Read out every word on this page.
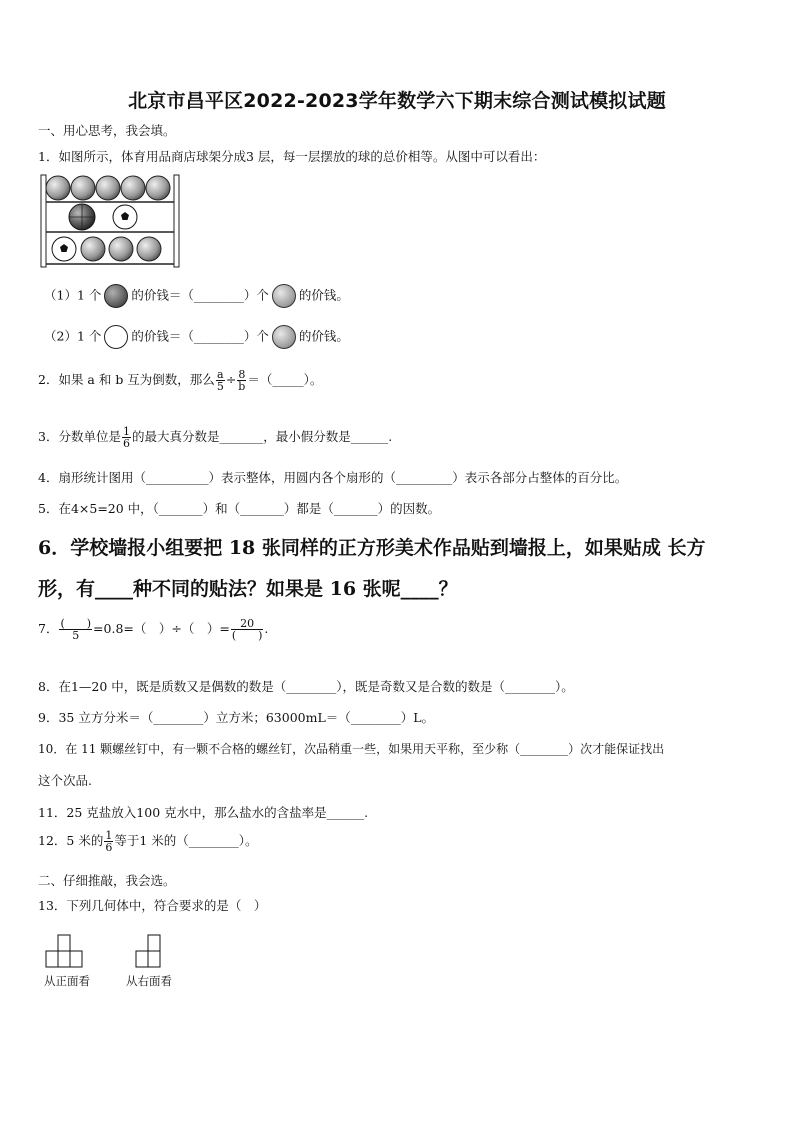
北京市昌平区2022-2023学年数学六下期末综合测试模拟试题
一、用心思考，我会填。
1．如图所示，体育用品商店球架分成3 层，每一层摆放的球的总价相等。从图中可以看出：
（1）1 个 的价钱＝（________）个 的价钱。
（2）1 个 的价钱＝（________）个 的价钱。
2．如果 a 和 b 互为倒数，那么 $\frac{a}{5} \div \frac{8}{b}$ ＝（_____）。
3．分数单位是 $\frac{1}{6}$ 的最大真分数是_______，最小假分数是______.
4．扇形统计图用（__________）表示整体，用圆内各个扇形的（_________）表示各部分占整体的百分比。
5．在4×5=20 中，（_______）和（_______）都是（_______）的因数。
6．学校墙报小组要把 18 张同样的正方形美术作品贴到墙报上，如果贴成 长方
形，有____种不同的贴法？如果是 16 张呢____？
7． $\frac{( )}{5} =0.8=$（　）÷（　）= $\frac{20}{( )}$ .
8．在1—20 中，既是质数又是偶数的数是（________），既是奇数又是合数的数是（________）。
9．35 立方分米＝（________）立方米；63000mL＝（________）L。
10．在 11 颗螺丝钉中，有一颗不合格的螺丝钉，次品稍重一些，如果用天平称，至少称（________）次才能保证找出
这个次品.
11．25 克盐放入100 克水中，那么盐水的含盐率是______.
12．5 米的 $\frac{1}{6}$ 等于1 米的（________）。
二、仔细推敲，我会选。
13．下列几何体中，符合要求的是（　）
从正面看	从右面看
